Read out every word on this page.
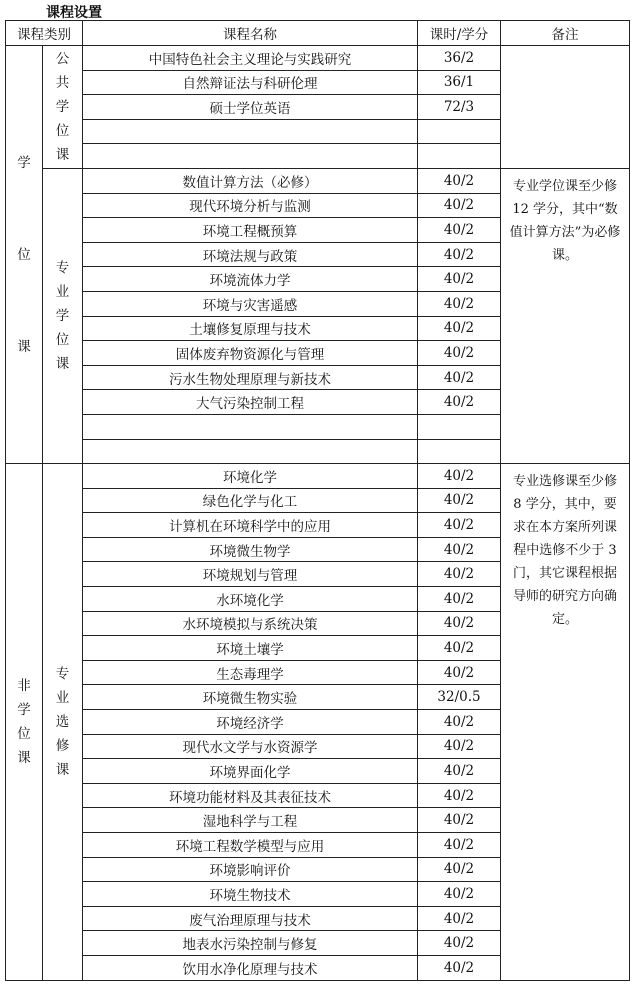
课程设置
课程类别		课程名称	课时/学分	备注

学位课	公共学位课	中国特色社会主义理论与实践研究	36/2	
		自然辩证法与科研伦理	36/1	
		硕士学位英语	72/3	

	专业学位课	数值计算方法（必修）	40/2	专业学位课至少修 12 学分，其中“数值计算方法”为必修课。
		现代环境分析与监测	40/2	
		环境工程概预算	40/2	
		环境法规与政策	40/2	
		环境流体力学	40/2	
		环境与灾害遥感	40/2	
		土壤修复原理与技术	40/2	
		固体废弃物资源化与管理	40/2	
		污水生物处理原理与新技术	40/2	
		大气污染控制工程	40/2	

非学位课	专业选修课	环境化学	40/2	专业选修课至少修 8 学分，其中，要求在本方案所列课程中选修不少于 3 门，其它课程根据导师的研究方向确定。
		绿色化学与化工	40/2	
		计算机在环境科学中的应用	40/2	
		环境微生物学	40/2	
		环境规划与管理	40/2	
		水环境化学	40/2	
		水环境模拟与系统决策	40/2	
		环境土壤学	40/2	
		生态毒理学	40/2	
		环境微生物实验	32/0.5	
		环境经济学	40/2	
		现代水文学与水资源学	40/2	
		环境界面化学	40/2	
		环境功能材料及其表征技术	40/2	
		湿地科学与工程	40/2	
		环境工程数学模型与应用	40/2	
		环境影响评价	40/2	
		环境生物技术	40/2	
		废气治理原理与技术	40/2	
		地表水污染控制与修复	40/2	
		饮用水净化原理与技术	40/2	
